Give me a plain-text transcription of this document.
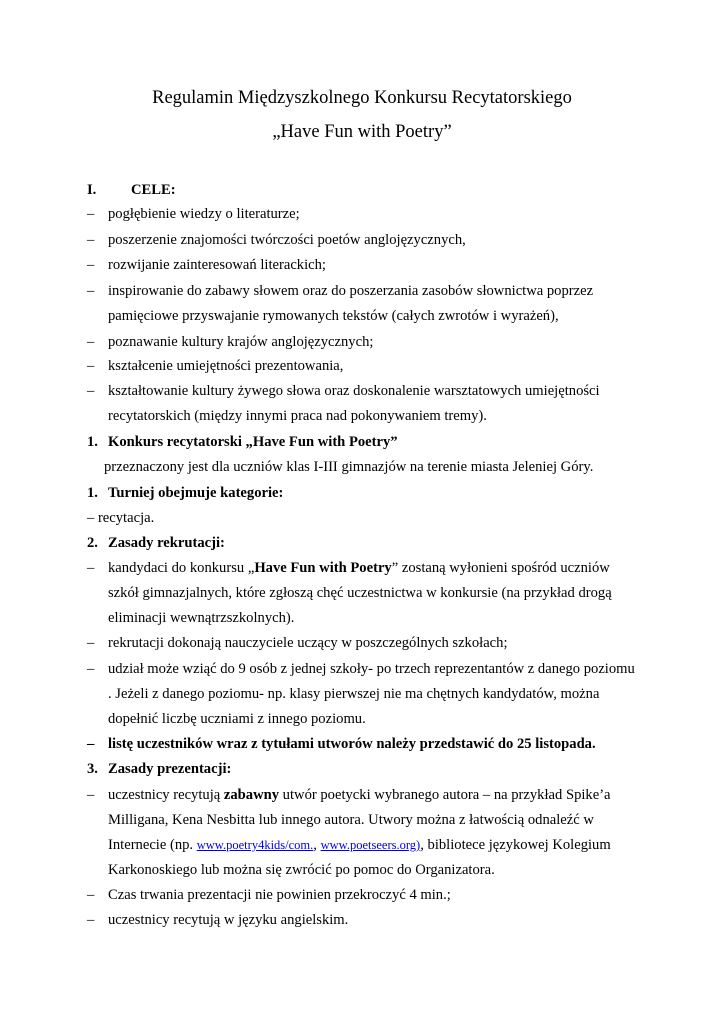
Regulamin Międzyszkolnego Konkursu Recytatorskiego
„Have Fun with Poetry”
I. CELE:
– pogłębienie wiedzy o literaturze;
– poszerzenie znajomości twórczości poetów anglojęzycznych,
– rozwijanie zainteresowań literackich;
– inspirowanie do zabawy słowem oraz do poszerzania zasobów słownictwa poprzez
pamięciowe przyswajanie rymowanych tekstów (całych zwrotów i wyrażeń),
– poznawanie kultury krajów anglojęzycznych;
– kształcenie umiejętności prezentowania,
– kształtowanie kultury żywego słowa oraz doskonalenie warsztatowych umiejętności
recytatorskich (między innymi praca nad pokonywaniem tremy).
1. Konkurs recytatorski „Have Fun with Poetry”
przeznaczony jest dla uczniów klas I-III gimnazjów na terenie miasta Jeleniej Góry.
1. Turniej obejmuje kategorie:
– recytacja.
2. Zasady rekrutacji:
– kandydaci do konkursu „Have Fun with Poetry” zostaną wyłonieni spośród uczniów
szkół gimnazjalnych, które zgłoszą chęć uczestnictwa w konkursie (na przykład drogą
eliminacji wewnątrzszkolnych).
– rekrutacji dokonają nauczyciele uczący w poszczególnych szkołach;
– udział może wziąć do 9 osób z jednej szkoły- po trzech reprezentantów z danego poziomu
. Jeżeli z danego poziomu- np. klasy pierwszej nie ma chętnych kandydatów, można
dopełnić liczbę uczniami z innego poziomu.
– listę uczestników wraz z tytułami utworów należy przedstawić do 25 listopada.
3. Zasady prezentacji:
– uczestnicy recytują zabawny utwór poetycki wybranego autora – na przykład Spike’a
Milligana, Kena Nesbitta lub innego autora. Utwory można z łatwością odnaleźć w
Internecie (np. www.poetry4kids/com., www.poetseers.org), bibliotece językowej Kolegium
Karkonoskiego lub można się zwrócić po pomoc do Organizatora.
– Czas trwania prezentacji nie powinien przekroczyć 4 min.;
– uczestnicy recytują w języku angielskim.
